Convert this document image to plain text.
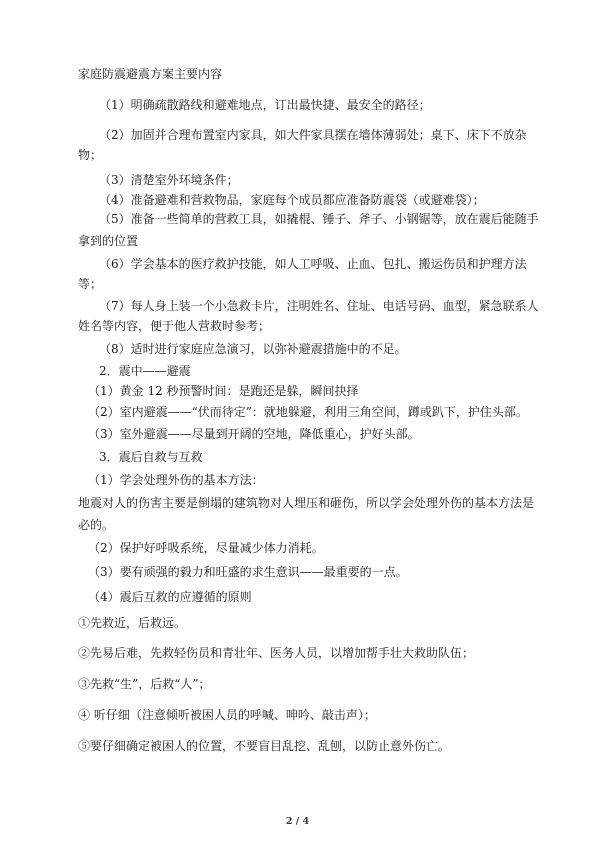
家庭防震避震方案主要内容
（1）明确疏散路线和避难地点，订出最快捷、最安全的路径；
（2）加固并合理布置室内家具，如大件家具摆在墙体薄弱处；桌下、床下不放杂
物；
（3）清楚室外环境条件；
（4）准备避难和营救物品，家庭每个成员都应准备防震袋（或避难袋）；
（5）准备一些简单的营救工具，如撬棍、锤子、斧子、小钢锯等，放在震后能随手
拿到的位置
（6）学会基本的医疗救护技能，如人工呼吸、止血、包扎、搬运伤员和护理方法
等；
（7）每人身上装一个小急救卡片，注明姓名、住址、电话号码、血型，紧急联系人
姓名等内容，便于他人营救时参考；
（8）适时进行家庭应急演习，以弥补避震措施中的不足。
2．震中——避震
（1）黄金 12 秒预警时间：是跑还是躲，瞬间抉择
（2）室内避震——“伏而待定”：就地躲避，利用三角空间，蹲或趴下，护住头部。
（3）室外避震——尽量到开阔的空地，降低重心，护好头部。
3．震后自救与互救
（1）学会处理外伤的基本方法：
地震对人的伤害主要是倒塌的建筑物对人埋压和砸伤，所以学会处理外伤的基本方法是
必的。
（2）保护好呼吸系统，尽量减少体力消耗。
（3）要有顽强的毅力和旺盛的求生意识——最重要的一点。
（4）震后互救的应遵循的原则
①先救近，后救远。
②先易后难，先救轻伤员和青壮年、医务人员，以增加帮手壮大救助队伍；
③先救“生”，后救“人”；
④ 听仔细（注意倾听被困人员的呼喊、呻吟、敲击声）；
⑤要仔细确定被困人的位置，不要盲目乱挖、乱刨，以防止意外伤亡。
2 / 4
